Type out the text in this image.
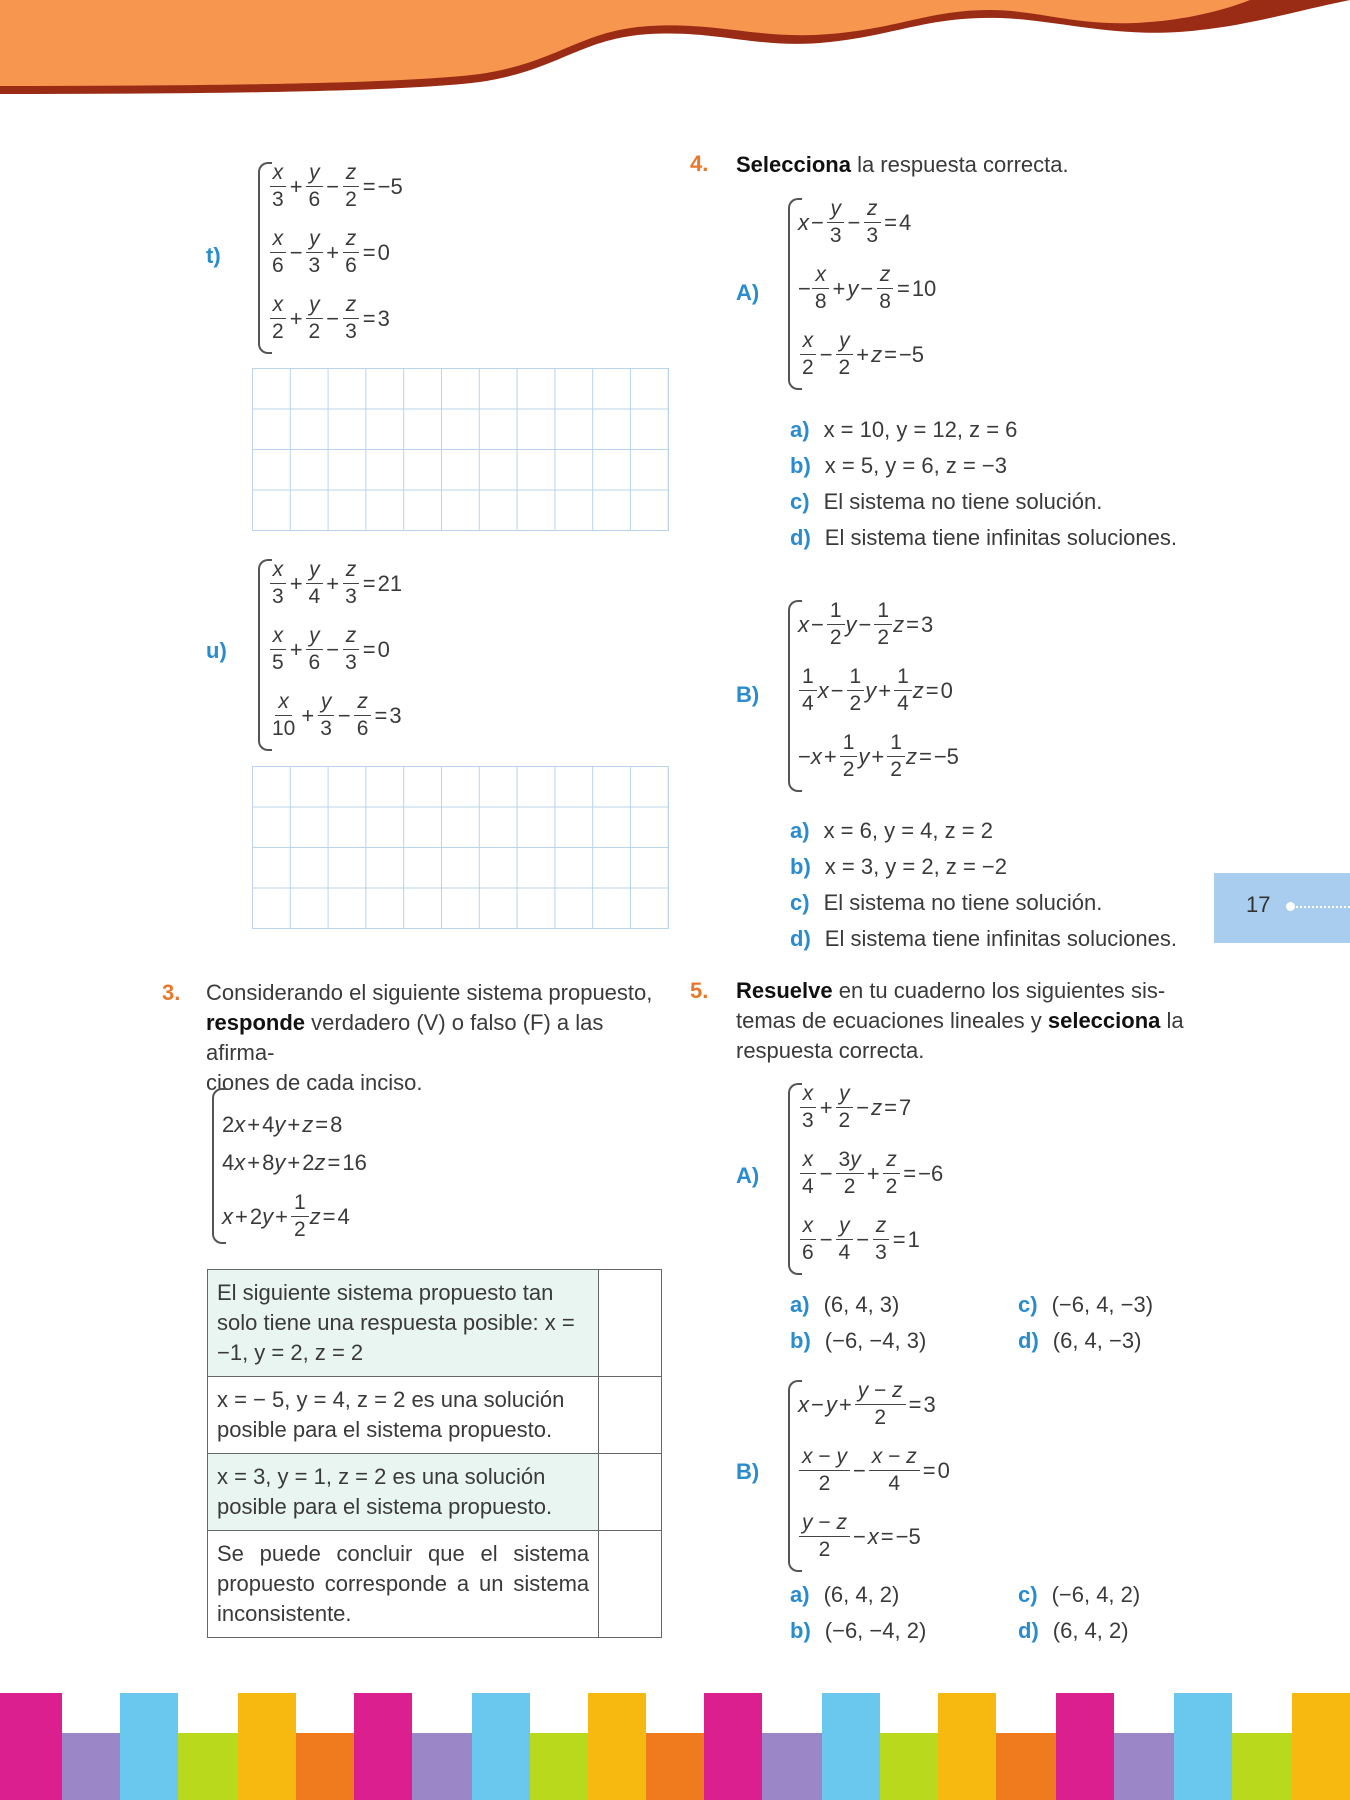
17
t)
x
3
+ $\frac{y}{6} - \frac{z}{2} = -5$
x
6
− $\frac{y}{3} + \frac{z}{6} = 0$
x
2
+ $\frac{y}{2} - \frac{z}{3} = 3$
u)
x
3
+ $\frac{y}{4} + \frac{z}{3} = 21$
x
5
+ $\frac{y}{6} - \frac{z}{3} = 0$
x
10
+ $\frac{y}{3} - \frac{z}{6} = 3$
3. Considerando el siguiente sistema propuesto,
responde verdadero (V) o falso (F) a las afirma-
ciones de cada inciso.
2 x + 4 y + z = 8
4 x + 8 y + 2 z = 16
x + 2 $y + \frac{1}{2}$ z = 4
El siguiente sistema propuesto tan solo tiene una respuesta posible: x = −1, y = 2, z = 2	
x = − 5, y = 4, z = 2 es una solución posible para el sistema propuesto.	
x = 3, y = 1, z = 2 es una solución posible para el sistema propuesto.	
Se puede concluir que el sistema propuesto corresponde a un sistema inconsistente.	
4. Selecciona la respuesta correcta.
A)
$x - \frac{y}{3} - \frac{z}{3} = 4$
−
x
8
+ $y - \frac{z}{8} = 10$
x
2
− $\frac{y}{2} + z = -5$
a) x = 10, y = 12, z = 6
b) x = 5, y = 6, z = −3
c) El sistema no tiene solución.
d) El sistema tiene infinitas soluciones.
B)
$x - \frac{1}{2}$ $y - \frac{1}{2}$ z = 3
1
4
$x - \frac{1}{2}$ $y + \frac{1}{4}$ z = 0
− $x + \frac{1}{2}$ $y + \frac{1}{2}$ z = −5
a) x = 6, y = 4, z = 2
b) x = 3, y = 2, z = −2
c) El sistema no tiene solución.
d) El sistema tiene infinitas soluciones.
5. Resuelve en tu cuaderno los siguientes sis-
temas de ecuaciones lineales y selecciona la
respuesta correcta.
A)
x
3
+ $\frac{y}{2} - z = 7$
x
4
− $\frac{3y}{2} + \frac{z}{2} = -6$
x
6
− $\frac{y}{4} - \frac{z}{3} = 1$
a) (6, 4, 3)
b) (−6, −4, 3)
c) (−6, 4, −3)
d) (6, 4, −3)
B)
$x - y + \frac{y - z}{2} = 3$
x − y
2
− $\frac{x - z}{4} = 0$
y − z
2
− x = −5
a) (6, 4, 2)
b) (−6, −4, 2)
c) (−6, 4, 2)
d) (6, 4, 2)
